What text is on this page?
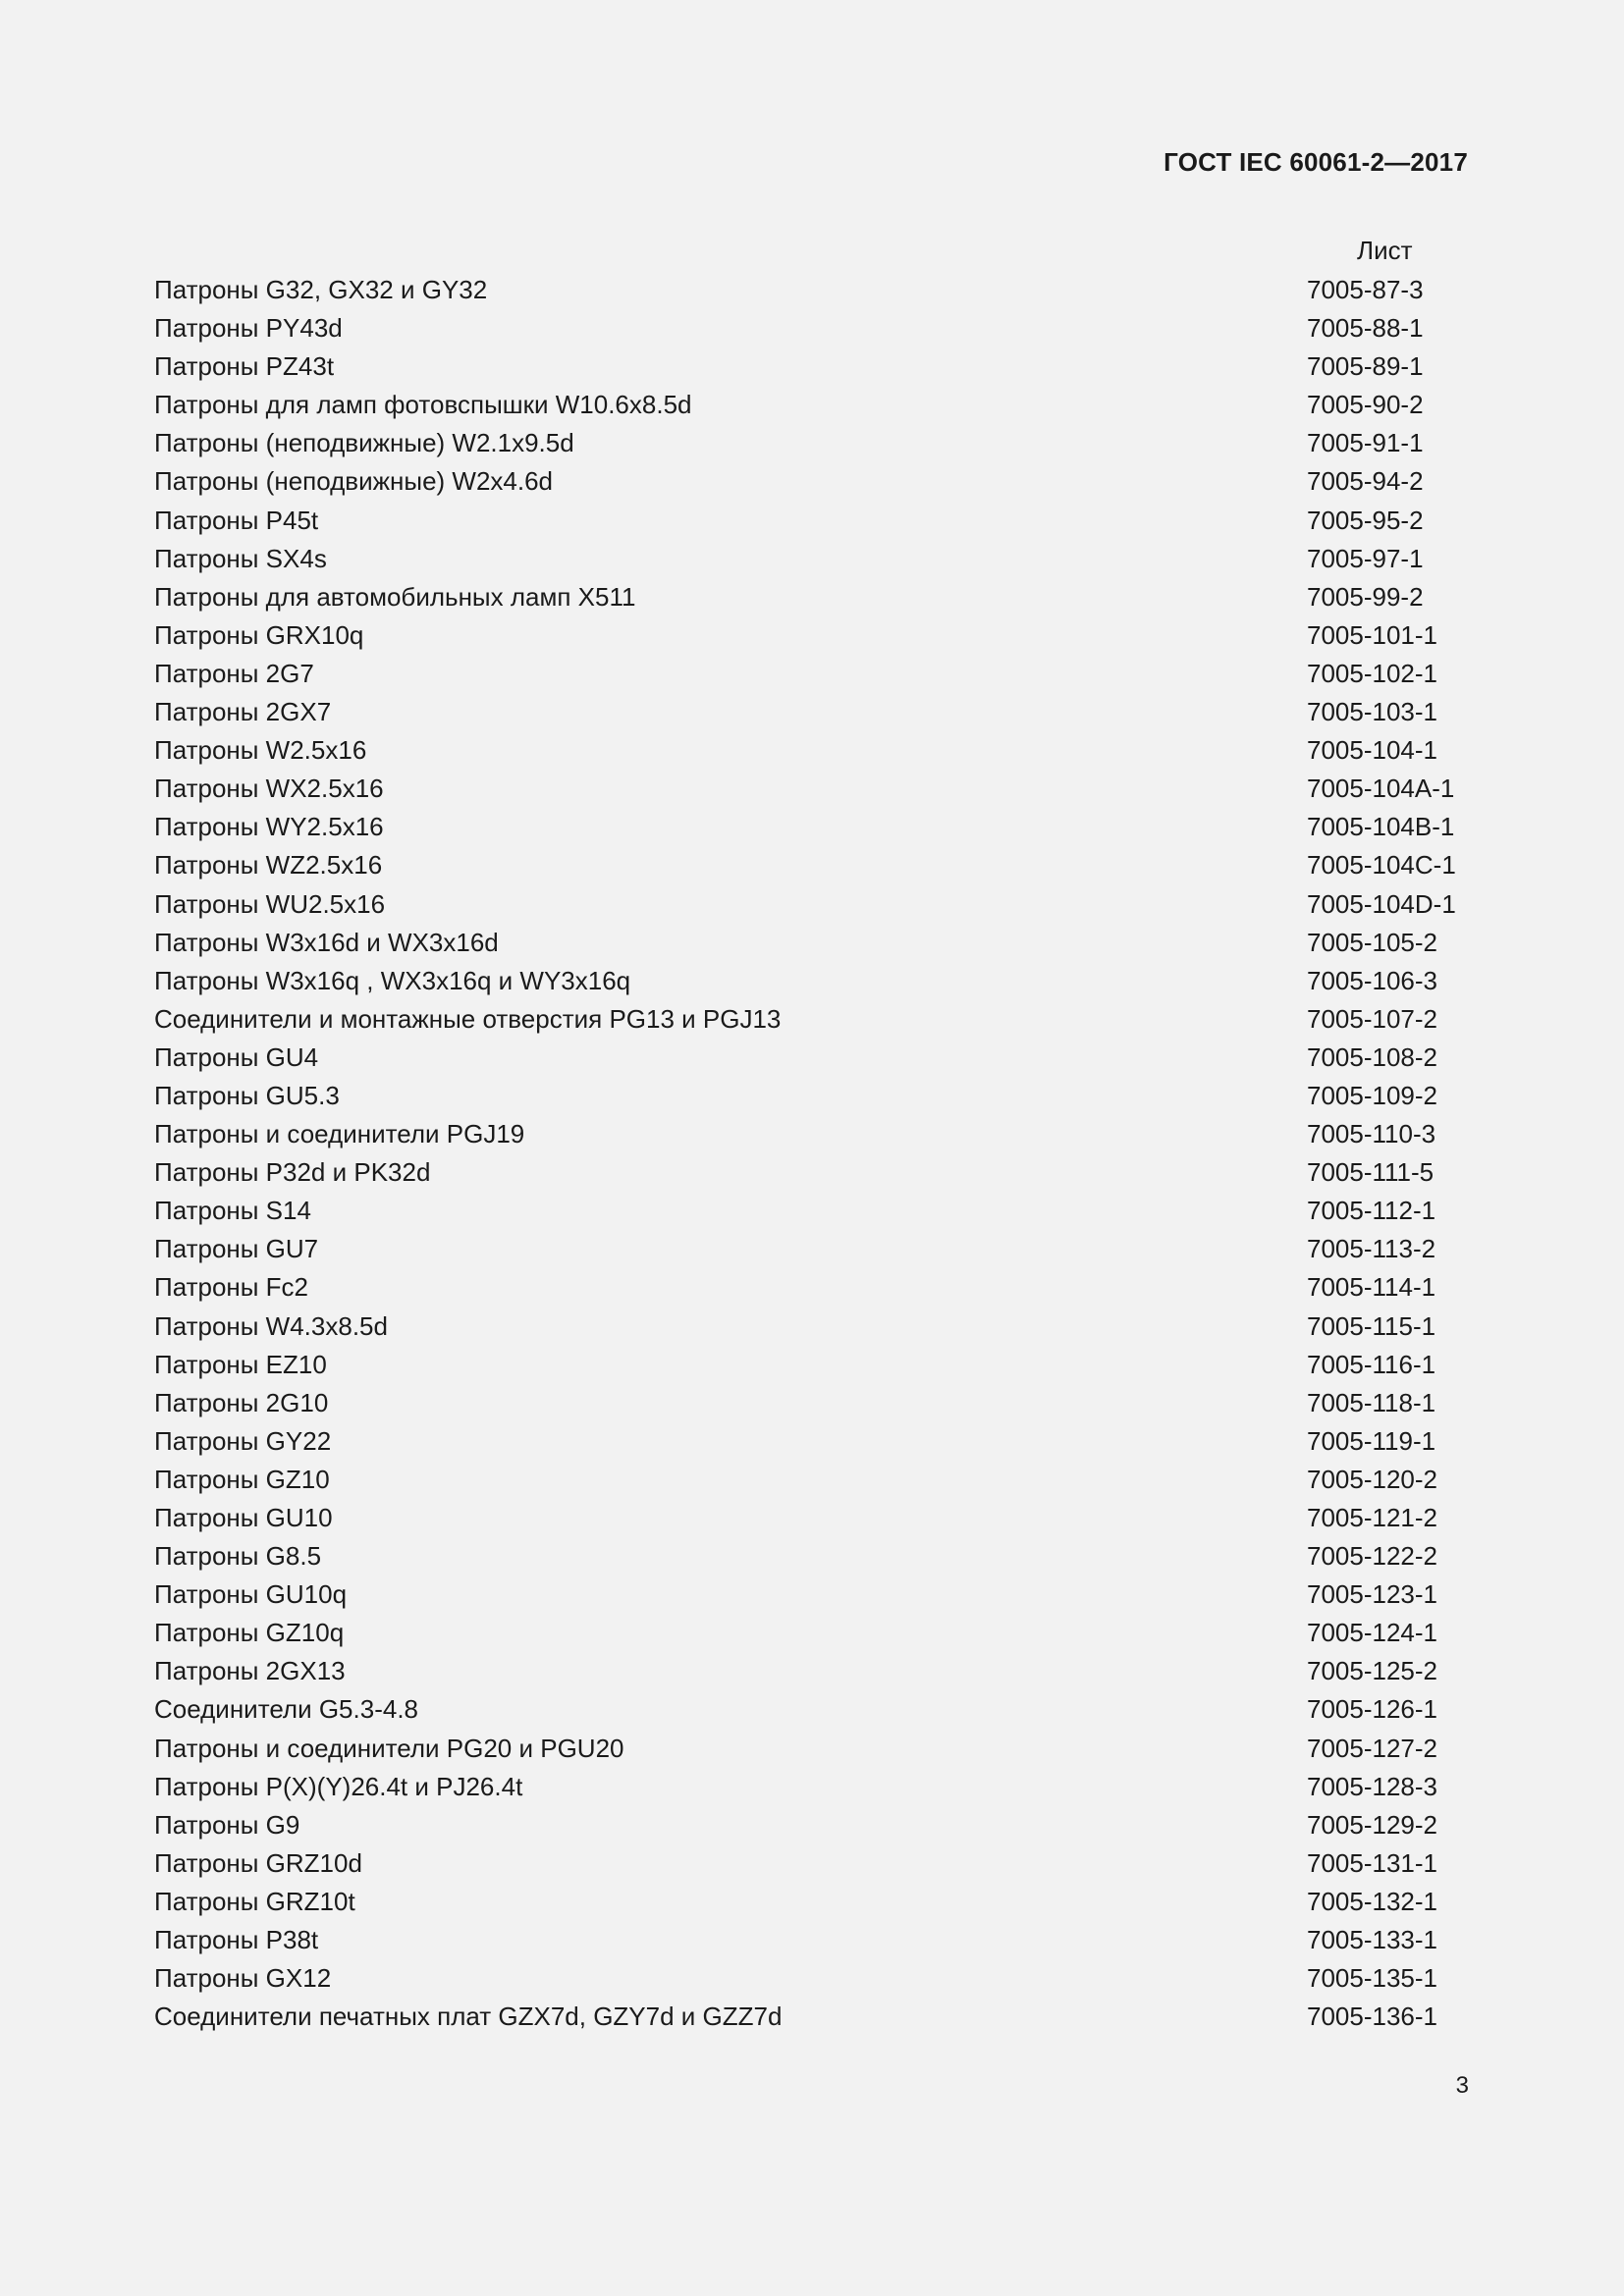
ГОСТ IEC 60061-2—2017
Лист
Патроны G32, GX32 и GY32	7005-87-3
Патроны PY43d	7005-88-1
Патроны PZ43t	7005-89-1
Патроны для ламп фотовспышки W10.6x8.5d	7005-90-2
Патроны (неподвижные) W2.1x9.5d	7005-91-1
Патроны (неподвижные) W2x4.6d	7005-94-2
Патроны P45t	7005-95-2
Патроны SX4s	7005-97-1
Патроны для автомобильных ламп X511	7005-99-2
Патроны GRX10q	7005-101-1
Патроны 2G7	7005-102-1
Патроны 2GX7	7005-103-1
Патроны W2.5x16	7005-104-1
Патроны WX2.5x16	7005-104A-1
Патроны WY2.5x16	7005-104B-1
Патроны WZ2.5x16	7005-104C-1
Патроны WU2.5x16	7005-104D-1
Патроны W3x16d и WX3x16d	7005-105-2
Патроны W3x16q , WX3x16q и WY3x16q	7005-106-3
Соединители и монтажные отверстия PG13 и PGJ13	7005-107-2
Патроны GU4	7005-108-2
Патроны GU5.3	7005-109-2
Патроны и соединители PGJ19	7005-110-3
Патроны P32d и PK32d	7005-111-5
Патроны S14	7005-112-1
Патроны GU7	7005-113-2
Патроны Fc2	7005-114-1
Патроны W4.3x8.5d	7005-115-1
Патроны EZ10	7005-116-1
Патроны 2G10	7005-118-1
Патроны GY22	7005-119-1
Патроны GZ10	7005-120-2
Патроны GU10	7005-121-2
Патроны G8.5	7005-122-2
Патроны GU10q	7005-123-1
Патроны GZ10q	7005-124-1
Патроны 2GX13	7005-125-2
Соединители G5.3-4.8	7005-126-1
Патроны и соединители PG20 и PGU20	7005-127-2
Патроны P(X)(Y)26.4t и PJ26.4t	7005-128-3
Патроны G9	7005-129-2
Патроны GRZ10d	7005-131-1
Патроны GRZ10t	7005-132-1
Патроны P38t	7005-133-1
Патроны GX12	7005-135-1
Соединители печатных плат GZX7d, GZY7d и GZZ7d	7005-136-1
3
